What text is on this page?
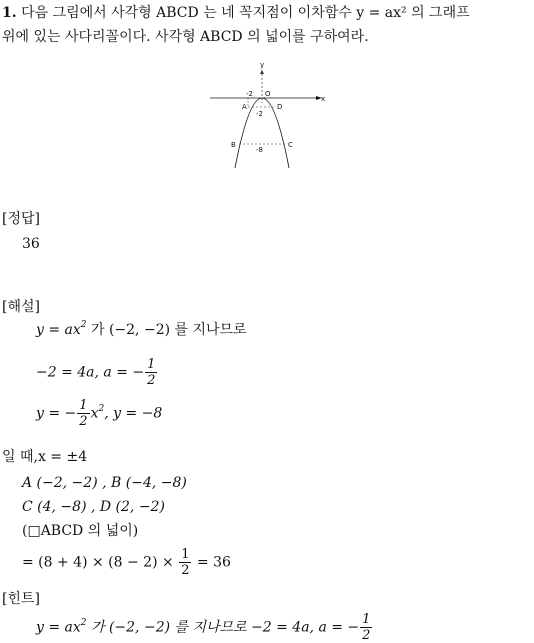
1. 다음 그림에서 사각형 ABCD 는 네 꼭지점이 이차함수 y = ax² 의 그래프
위에 있는 사다리꼴이다. 사각형 ABCD 의 넓이를 구하여라.
y
x
O
-2
-2
-8
A	D
B	C
[정답]
36
[해설]
$y = ax^2$ 가 (−2, −2) 를 지나므로
−2 = 4a, a = − $\frac{1}{2}$
y = − $\frac{1}{2} x^2$, y = −8
일 때,x = ±4
A (−2, −2) , B (−4, −8)
C (4, −8) , D (2, −2)
(□ABCD 의 넓이)
= $(8 + 4) \times (8 - 2) \times \frac{1}{2} = 36$
[힌트]
$y = ax^2$ 가 (−2, −2) 를 지나므로 −2 = 4a, a = − $\frac{1}{2}$
